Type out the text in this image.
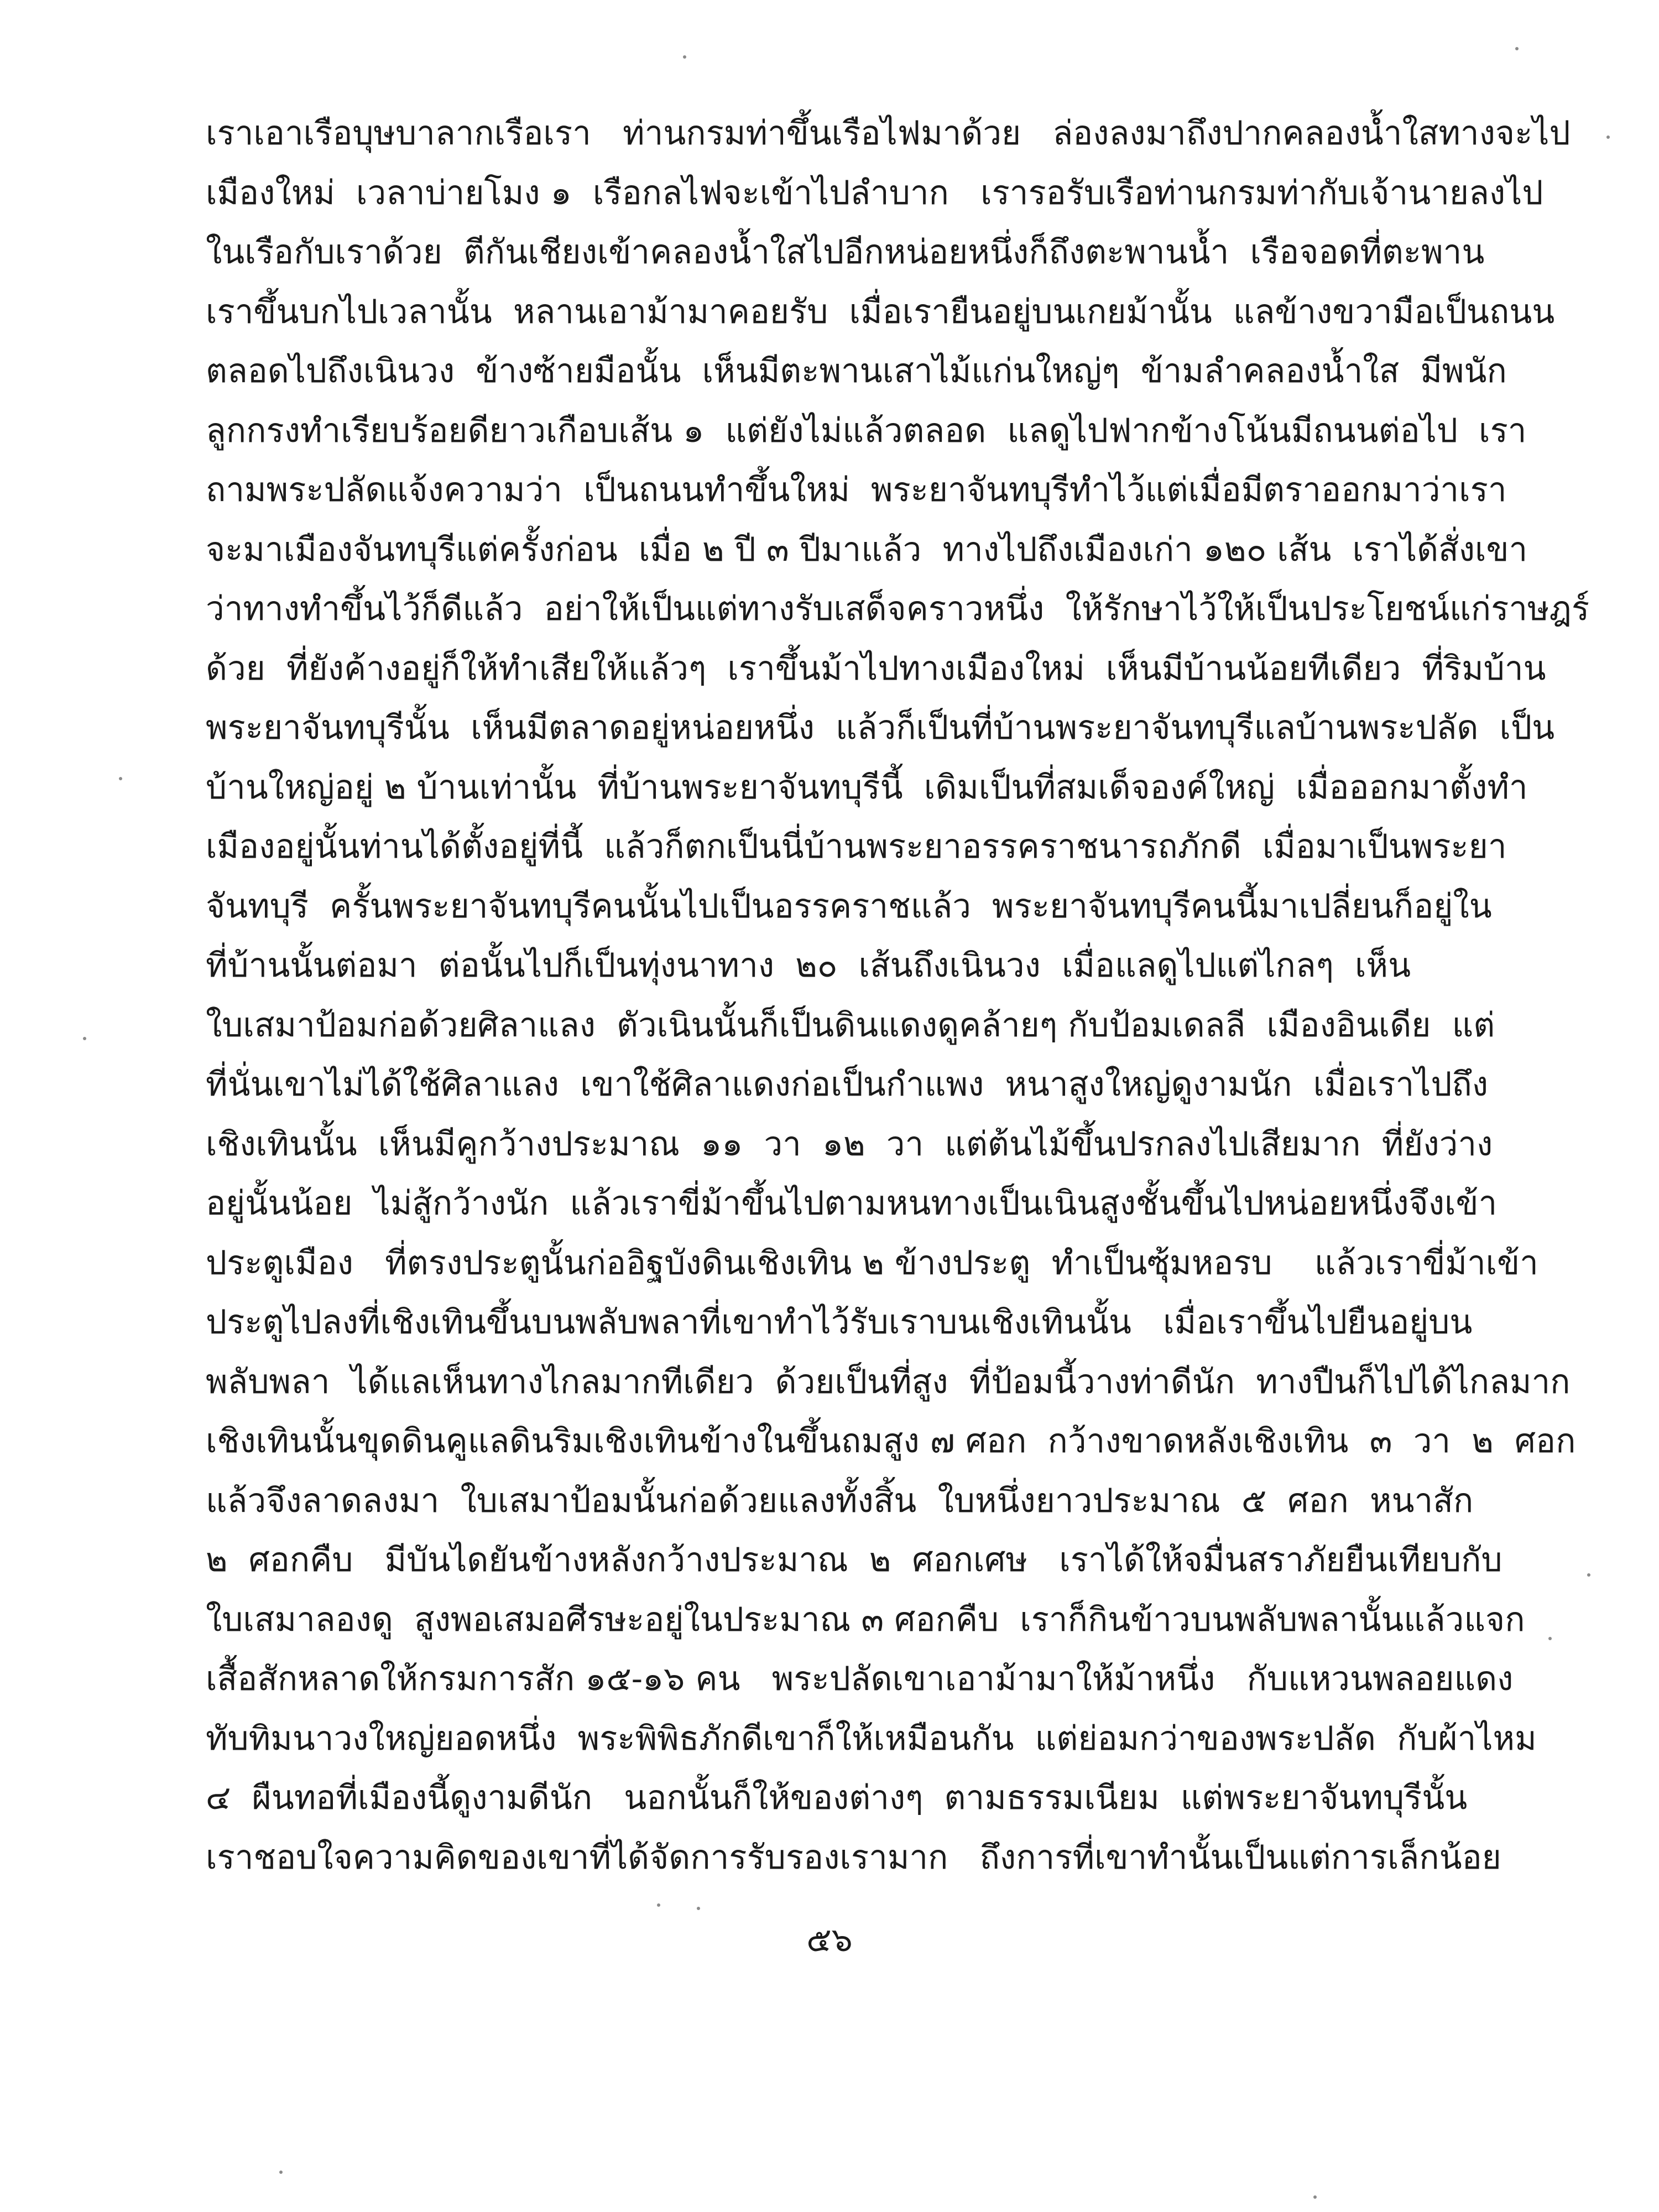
เราเอาเรือบุษบาลากเรือเรา   ท่านกรมท่าขึ้นเรือไฟมาด้วย   ล่องลงมาถึงปากคลองน้ำใสทางจะไป
เมืองใหม่  เวลาบ่ายโมง ๑  เรือกลไฟจะเข้าไปลำบาก   เรารอรับเรือท่านกรมท่ากับเจ้านายลงไป
ในเรือกับเราด้วย  ตีกันเชียงเข้าคลองน้ำใสไปอีกหน่อยหนึ่งก็ถึงตะพานน้ำ  เรือจอดที่ตะพาน
เราขึ้นบกไปเวลานั้น  หลานเอาม้ามาคอยรับ  เมื่อเรายืนอยู่บนเกยม้านั้น  แลข้างขวามือเป็นถนน
ตลอดไปถึงเนินวง  ข้างซ้ายมือนั้น  เห็นมีตะพานเสาไม้แก่นใหญ่ๆ  ข้ามลำคลองน้ำใส  มีพนัก
ลูกกรงทำเรียบร้อยดียาวเกือบเส้น ๑  แต่ยังไม่แล้วตลอด  แลดูไปฟากข้างโน้นมีถนนต่อไป  เรา
ถามพระปลัดแจ้งความว่า  เป็นถนนทำขึ้นใหม่  พระยาจันทบุรีทำไว้แต่เมื่อมีตราออกมาว่าเรา
จะมาเมืองจันทบุรีแต่ครั้งก่อน  เมื่อ ๒ ปี ๓ ปีมาแล้ว  ทางไปถึงเมืองเก่า ๑๒๐ เส้น  เราได้สั่งเขา
ว่าทางทำขึ้นไว้ก็ดีแล้ว  อย่าให้เป็นแต่ทางรับเสด็จคราวหนึ่ง  ให้รักษาไว้ให้เป็นประโยชน์แก่ราษฎร์
ด้วย  ที่ยังค้างอยู่ก็ให้ทำเสียให้แล้วๆ  เราขึ้นม้าไปทางเมืองใหม่  เห็นมีบ้านน้อยทีเดียว  ที่ริมบ้าน
พระยาจันทบุรีนั้น  เห็นมีตลาดอยู่หน่อยหนึ่ง  แล้วก็เป็นที่บ้านพระยาจันทบุรีแลบ้านพระปลัด  เป็น
บ้านใหญ่อยู่ ๒ บ้านเท่านั้น  ที่บ้านพระยาจันทบุรีนี้  เดิมเป็นที่สมเด็จองค์ใหญ่  เมื่อออกมาตั้งทำ
เมืองอยู่นั้นท่านได้ตั้งอยู่ที่นี้  แล้วก็ตกเป็นนี่บ้านพระยาอรรคราชนารถภักดี  เมื่อมาเป็นพระยา
จันทบุรี  ครั้นพระยาจันทบุรีคนนั้นไปเป็นอรรคราชแล้ว  พระยาจันทบุรีคนนี้มาเปลี่ยนก็อยู่ใน
ที่บ้านนั้นต่อมา  ต่อนั้นไปก็เป็นทุ่งนาทาง  ๒๐  เส้นถึงเนินวง  เมื่อแลดูไปแต่ไกลๆ  เห็น
ใบเสมาป้อมก่อด้วยศิลาแลง  ตัวเนินนั้นก็เป็นดินแดงดูคล้ายๆ กับป้อมเดลลี  เมืองอินเดีย  แต่
ที่นั่นเขาไม่ได้ใช้ศิลาแลง  เขาใช้ศิลาแดงก่อเป็นกำแพง  หนาสูงใหญ่ดูงามนัก  เมื่อเราไปถึง
เชิงเทินนั้น  เห็นมีคูกว้างประมาณ  ๑๑  วา  ๑๒  วา  แต่ต้นไม้ขึ้นปรกลงไปเสียมาก  ที่ยังว่าง
อยู่นั้นน้อย  ไม่สู้กว้างนัก  แล้วเราขี่ม้าขึ้นไปตามหนทางเป็นเนินสูงชั้นขึ้นไปหน่อยหนึ่งจึงเข้า
ประตูเมือง   ที่ตรงประตูนั้นก่ออิฐบังดินเชิงเทิน ๒ ข้างประตู  ทำเป็นซุ้มหอรบ    แล้วเราขี่ม้าเข้า
ประตูไปลงที่เชิงเทินขึ้นบนพลับพลาที่เขาทำไว้รับเราบนเชิงเทินนั้น   เมื่อเราขึ้นไปยืนอยู่บน
พลับพลา  ได้แลเห็นทางไกลมากทีเดียว  ด้วยเป็นที่สูง  ที่ป้อมนี้วางท่าดีนัก  ทางปืนก็ไปได้ไกลมาก
เชิงเทินนั้นขุดดินคูแลดินริมเชิงเทินข้างในขึ้นถมสูง ๗ ศอก  กว้างขาดหลังเชิงเทิน  ๓  วา  ๒  ศอก
แล้วจึงลาดลงมา  ใบเสมาป้อมนั้นก่อด้วยแลงทั้งสิ้น  ใบหนึ่งยาวประมาณ  ๕  ศอก  หนาสัก
๒  ศอกคืบ   มีบันไดยันข้างหลังกว้างประมาณ  ๒  ศอกเศษ   เราได้ให้จมื่นสราภัยยืนเทียบกับ
ใบเสมาลองดู  สูงพอเสมอศีรษะอยู่ในประมาณ ๓ ศอกคืบ  เราก็กินข้าวบนพลับพลานั้นแล้วแจก
เสื้อสักหลาดให้กรมการสัก ๑๕-๑๖ คน   พระปลัดเขาเอาม้ามาให้ม้าหนึ่ง   กับแหวนพลอยแดง
ทับทิมนาวงใหญ่ยอดหนึ่ง  พระพิพิธภักดีเขาก็ให้เหมือนกัน  แต่ย่อมกว่าของพระปลัด  กับผ้าไหม
๔  ผืนทอที่เมืองนี้ดูงามดีนัก   นอกนั้นก็ให้ของต่างๆ  ตามธรรมเนียม  แต่พระยาจันทบุรีนั้น
เราชอบใจความคิดของเขาที่ได้จัดการรับรองเรามาก   ถึงการที่เขาทำนั้นเป็นแต่การเล็กน้อย
๕๖
